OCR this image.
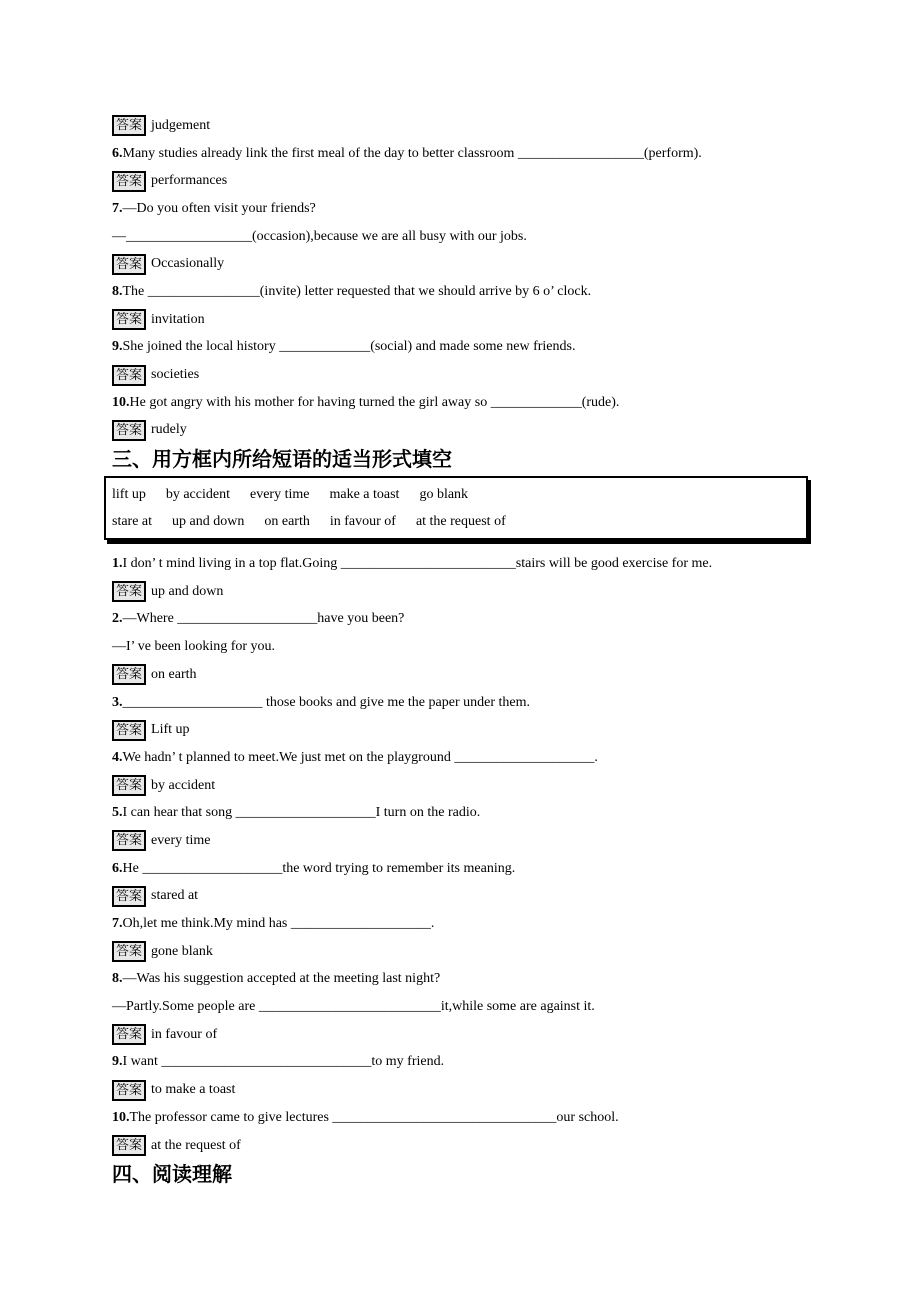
答案 judgement
6. Many studies already link the first meal of the day to better classroom __________________(perform).
答案 performances
7. —Do you often visit your friends?
—__________________(occasion),because we are all busy with our jobs.
答案 Occasionally
8. The ________________(invite) letter requested that we should arrive by 6 o’ clock.
答案 invitation
9. She joined the local history _____________(social) and made some new friends.
答案 societies
10. He got angry with his mother for having turned the girl away so _____________(rude).
答案 rudely
三、用方框内所给短语的适当形式填空
lift up by accident every time make a toast go blank
stare at up and down on earth in favour of at the request of
1. I don’ t mind living in a top flat.Going _________________________stairs will be good exercise for me.
答案 up and down
2. —Where ____________________have you been?
—I’ ve been looking for you.
答案 on earth
3. ____________________ those books and give me the paper under them.
答案 Lift up
4. We hadn’ t planned to meet.We just met on the playground ____________________.
答案 by accident
5. I can hear that song ____________________I turn on the radio.
答案 every time
6. He ____________________the word trying to remember its meaning.
答案 stared at
7. Oh,let me think.My mind has ____________________.
答案 gone blank
8. —Was his suggestion accepted at the meeting last night?
—Partly.Some people are __________________________it,while some are against it.
答案 in favour of
9. I want ______________________________to my friend.
答案 to make a toast
10. The professor came to give lectures ________________________________our school.
答案 at the request of
四、阅读理解
